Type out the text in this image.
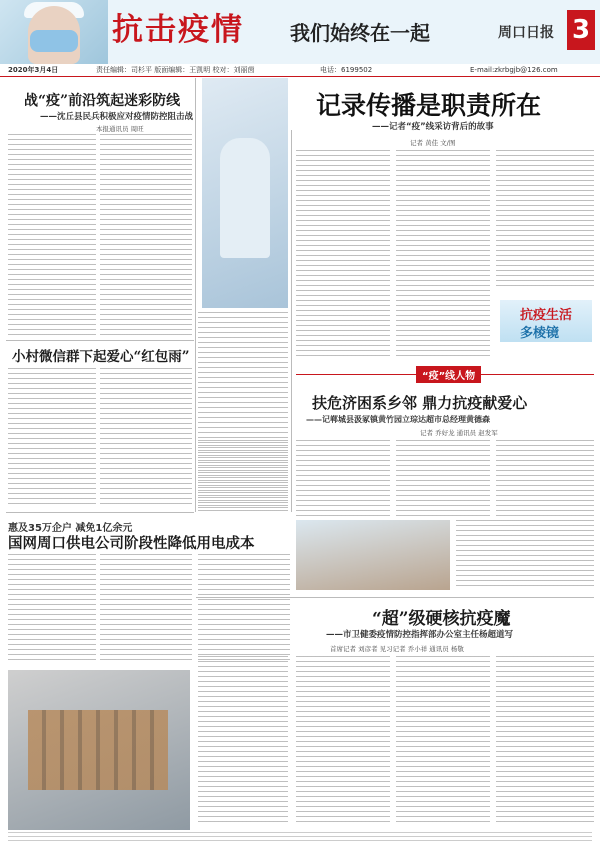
抗击疫情 我们始终在一起	周口日报 3
2020年3月4日	责任编辑：司杉平 版面编辑：王凯明 校对：刘丽茵	电话：6199502	E-mail:zkrbgjb@126.com
战“疫”前沿筑起迷彩防线
——沈丘县民兵积极应对疫情防控阻击战
本报通讯员 周旺
小村微信群下起爱心“红包雨”
惠及35万企户 减免1亿余元
国网周口供电公司阶段性降低用电成本
记录传播是职责所在
——记者“疫”线采访背后的故事
记者 黄佳 文/图
抗疫生活
多棱镜
“疫”线人物
扶危济困系乡邻 鼎力抗疫献爱心
——记郸城县汲冢镇黄竹园立琮达超市总经理黄德森
记者 乔好龙 通讯员 赵发军
“超”级硬核抗疫魔
——市卫健委疫情防控指挥部办公室主任杨超道写
首席记者 刘彦者 见习记者 乔小祥 通讯员 杨敬
